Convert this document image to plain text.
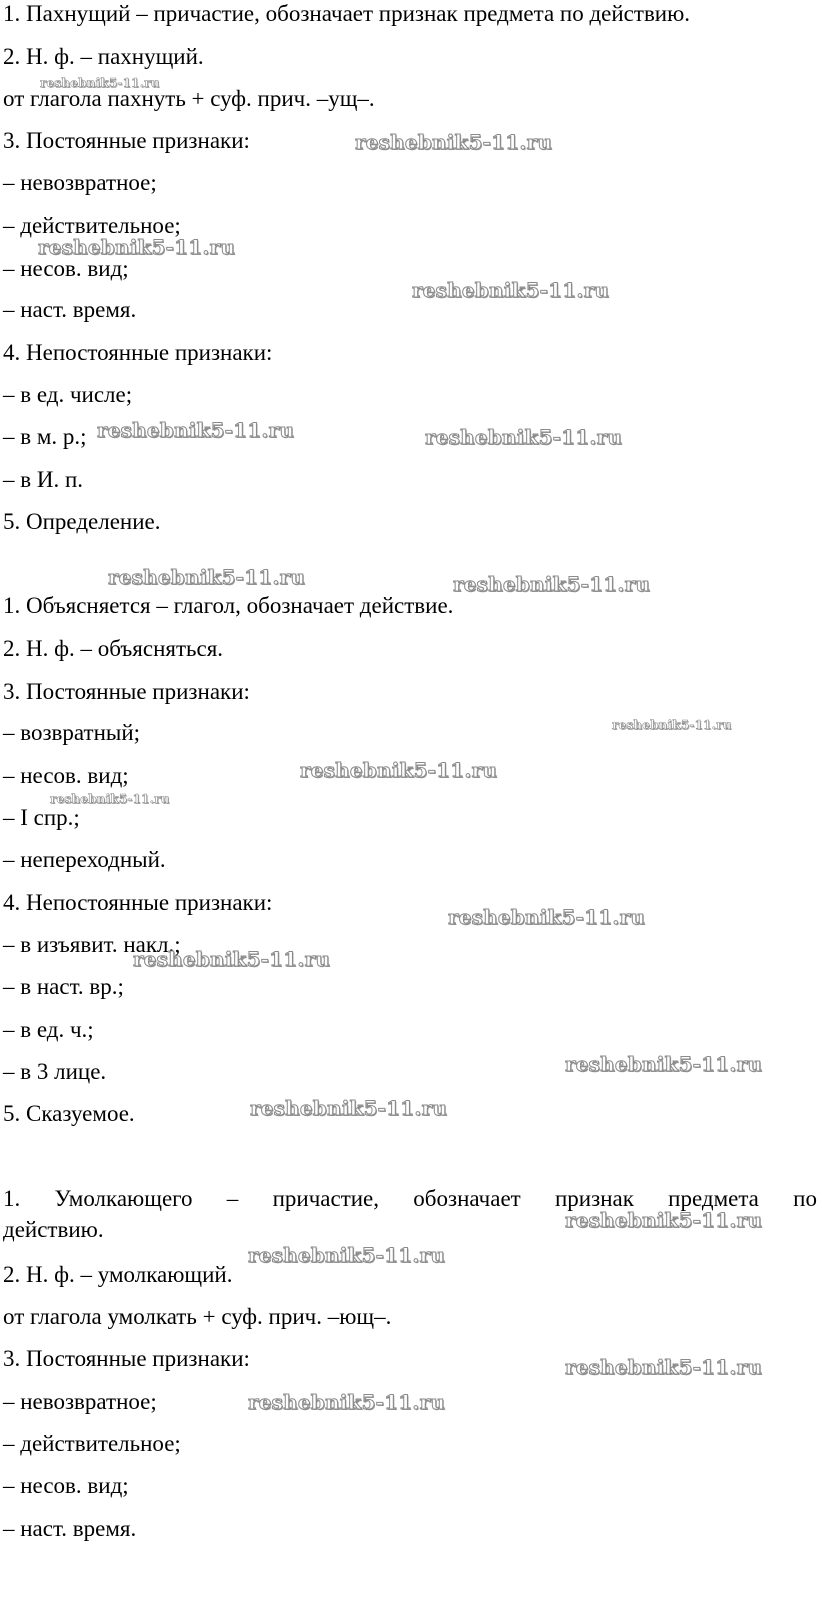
1. Пахнущий – причастие, обозначает признак предмета по действию.

2. Н. ф. – пахнущий.

от глагола пахнуть + суф. прич. –ущ–.

3. Постоянные признаки:

– невозвратное;

– действительное;

– несов. вид;

– наст. время.

4. Непостоянные признаки:

– в ед. числе;

– в м. р.;

– в И. п.

5. Определение.

1. Объясняется – глагол, обозначает действие.

2. Н. ф. – объясняться.

3. Постоянные признаки:

– возвратный;

– несов. вид;

– I спр.;

– непереходный.

4. Непостоянные признаки:

– в изъявит. накл.;

– в наст. вр.;

– в ед. ч.;

– в 3 лице.

5. Сказуемое.

1. Умолкающего – причастие, обозначает признак предмета по

действию.

2. Н. ф. – умолкающий.

от глагола умолкать + суф. прич. –ющ–.

3. Постоянные признаки:

– невозвратное;

– действительное;

– несов. вид;

– наст. время.

reshebnik5-11.ru
reshebnik5-11.ru
reshebnik5-11.ru
reshebnik5-11.ru
reshebnik5-11.ru	reshebnik5-11.ru
reshebnik5-11.ru	reshebnik5-11.ru
reshebnik5-11.ru
reshebnik5-11.ru
reshebnik5-11.ru
reshebnik5-11.ru
reshebnik5-11.ru
reshebnik5-11.ru
reshebnik5-11.ru
reshebnik5-11.ru
reshebnik5-11.ru
reshebnik5-11.ru
reshebnik5-11.ru
